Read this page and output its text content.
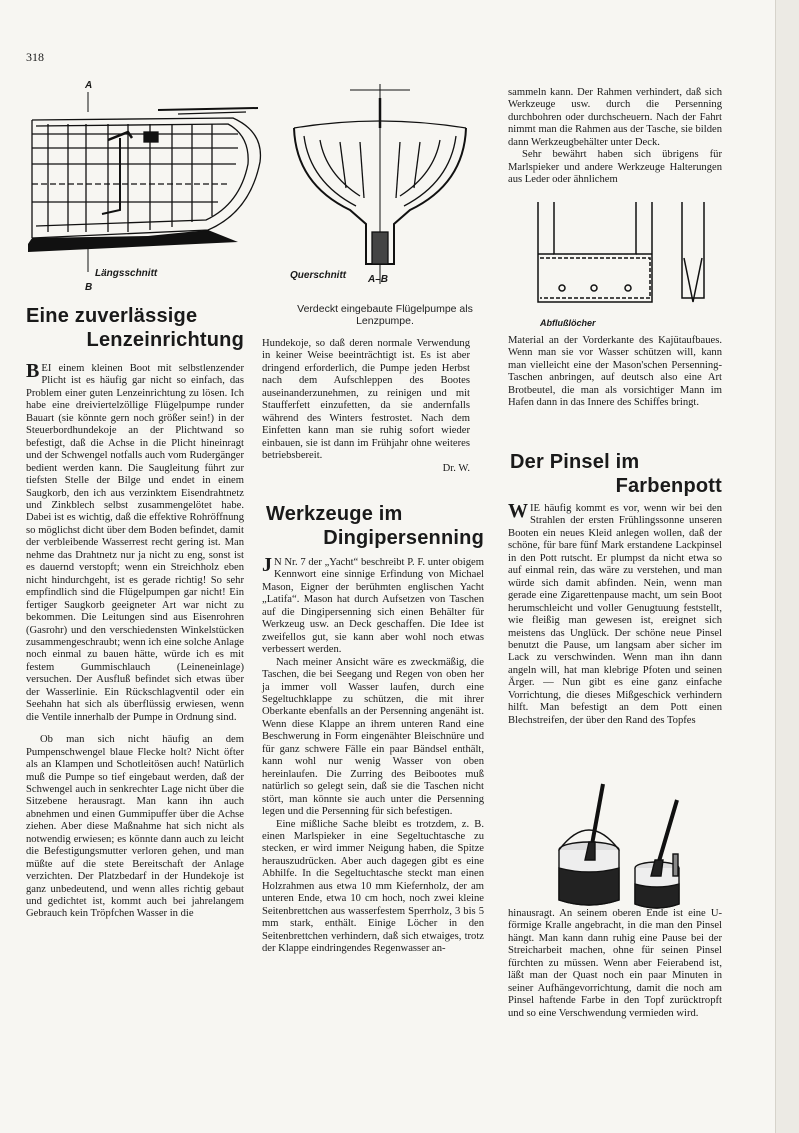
318
A
Längsschnitt
B
Querschnitt A–B
Verdeckt eingebaute Flügelpumpe als Lenzpumpe.	Abflußlöcher
Eine zuverlässige
Lenzeinrichtung

BEI einem kleinen Boot mit selbstlenzender Plicht ist es häufig gar nicht so einfach, das Problem einer guten Lenzeinrichtung zu lösen. Ich habe eine dreiviertelzöllige Flügelpumpe runder Bauart (sie könnte gern noch größer sein!) in der Steuerbordhundekoje an der Plichtwand so befestigt, daß die Achse in die Plicht hineinragt und der Schwengel notfalls auch vom Rudergänger bedient werden kann. Die Saugleitung führt zur tiefsten Stelle der Bilge und endet in einem Saugkorb, den ich aus verzinktem Eisendrahtnetz und Zinkblech selbst zusammengelötet habe. Dabei ist es wichtig, daß die effektive Rohröffnung so möglichst dicht über dem Boden befindet, damit der verbleibende Wasserrest recht gering ist. Man nehme das Drahtnetz nur ja nicht zu eng, sonst ist es dauernd verstopft; wenn ein Streichholz eben nicht hindurchgeht, ist es gerade richtig! So sehr empfindlich sind die Flügelpumpen gar nicht! Ein fertiger Saugkorb geeigneter Art war nicht zu bekommen. Die Leitungen sind aus Eisenrohren (Gasrohr) und den verschiedensten Winkelstücken zusammengeschraubt; wenn ich eine solche Anlage noch einmal zu bauen hätte, würde ich es mit festem Gummischlauch (Leineneinlage) versuchen. Der Ausfluß befindet sich etwas über der Wasserlinie. Ein Rückschlagventil oder ein Seehahn hat sich als überflüssig erwiesen, wenn die Ventile innerhalb der Pumpe in Ordnung sind.

Ob man sich nicht häufig an dem Pumpenschwengel blaue Flecke holt? Nicht öfter als an Klampen und Schotleitösen auch! Natürlich muß die Pumpe so tief eingebaut werden, daß der Schwengel auch in senkrechter Lage nicht über die Sitzebene herausragt. Man kann ihn auch abnehmen und einen Gummipuffer über die Achse ziehen. Aber diese Maßnahme hat sich nicht als notwendig erwiesen; es könnte dann auch zu leicht die Befestigungsmutter verloren gehen, und man müßte auf die stete Bereitschaft der Anlage verzichten. Der Platzbedarf in der Hundekoje ist ganz unbedeutend, und wenn alles richtig gebaut und gedichtet ist, kommt auch bei jahrelangem Gebrauch kein Tröpfchen Wasser in die

Hundekoje, so daß deren normale Verwendung in keiner Weise beeinträchtigt ist. Es ist aber dringend erforderlich, die Pumpe jeden Herbst nach dem Aufschleppen des Bootes auseinanderzunehmen, zu reinigen und mit Staufferfett einzufetten, da sie andernfalls während des Winters festrostet. Nach dem Einfetten kann man sie ruhig sofort wieder einbauen, sie ist dann im Frühjahr ohne weiteres betriebsbereit.

Dr. W.

Werkzeuge im
Dingipersenning

J N Nr. 7 der „Yacht“ beschreibt P. F. unter obigem Kennwort eine sinnige Erfindung von Michael Mason, Eigner der berühmten englischen Yacht „Latifa“. Mason hat durch Aufsetzen von Taschen auf die Dingipersenning sich einen Behälter für Werkzeug usw. an Deck geschaffen. Die Idee ist zweifellos gut, sie kann aber wohl noch etwas verbessert werden.

Nach meiner Ansicht wäre es zweckmäßig, die Taschen, die bei Seegang und Regen von oben her ja immer voll Wasser laufen, durch eine Segeltuchklappe zu schützen, die mit ihrer Oberkante ebenfalls an der Persenning angenäht ist. Wenn diese Klappe an ihrem unteren Rand eine Beschwerung in Form eingenähter Bleischnüre und für ganz schwere Fälle ein paar Bändsel enthält, kann wohl nur wenig Wasser von oben hereinlaufen. Die Zurring des Beibootes muß natürlich so gelegt sein, daß sie die Taschen nicht stört, man könnte sie auch unter die Persenning legen und die Persenning für sich befestigen.

Eine mißliche Sache bleibt es trotzdem, z. B. einen Marlspieker in eine Segeltuchtasche zu stecken, er wird immer Neigung haben, die Spitze herauszudrücken. Aber auch dagegen gibt es eine Abhilfe. In die Segeltuchtasche steckt man einen Holzrahmen aus etwa 10 mm Kiefernholz, der am unteren Ende, etwa 10 cm hoch, noch zwei kleine Seitenbrettchen aus wasserfestem Sperrholz, 3 bis 5 mm stark, enthält. Einige Löcher in den Seitenbrettchen verhindern, daß sich etwaiges, trotz der Klappe eindringendes Regenwasser an-

sammeln kann. Der Rahmen verhindert, daß sich Werkzeuge usw. durch die Persenning durchbohren oder durchscheuern. Nach der Fahrt nimmt man die Rahmen aus der Tasche, sie bilden dann Werkzeugbehälter unter Deck.

Sehr bewährt haben sich übrigens für Marlspieker und andere Werkzeuge Halterungen aus Leder oder ähnlichem

Material an der Vorderkante des Kajütaufbaues. Wenn man sie vor Wasser schützen will, kann man vielleicht eine der Mason'schen Persenning-Taschen anbringen, auf deutsch also eine Art Brotbeutel, die man als vorsichtiger Mann im Hafen dann in das Innere des Schiffes bringt.

Der Pinsel im
Farbenpott

WIE häufig kommt es vor, wenn wir bei den Strahlen der ersten Frühlingssonne unseren Booten ein neues Kleid anlegen wollen, daß der schöne, für bare fünf Mark erstandene Lackpinsel in den Pott rutscht. Er plumpst da nicht etwa so auf einmal rein, das wäre zu verstehen, und man würde sich damit abfinden. Nein, wenn man gerade eine Zigarettenpause macht, um sein Boot herumschleicht und voller Genugtuung feststellt, wie fleißig man gewesen ist, ereignet sich meistens das Unglück. Der schöne neue Pinsel benutzt die Pause, um langsam aber sicher im Lack zu verschwinden. Wenn man ihn dann angeln will, hat man klebrige Pfoten und seinen Ärger. — Nun gibt es eine ganz einfache Vorrichtung, die dieses Mißgeschick verhindern hilft. Man befestigt an dem Pott einen Blechstreifen, der über den Rand des Topfes

hinausragt. An seinem oberen Ende ist eine U-förmige Kralle angebracht, in die man den Pinsel hängt. Man kann dann ruhig eine Pause bei der Streicharbeit machen, ohne für seinen Pinsel fürchten zu müssen. Wenn aber Feierabend ist, läßt man der Quast noch ein paar Minuten in seiner Aufhängevorrichtung, damit die noch am Pinsel haftende Farbe in den Topf zurücktropft und so eine Verschwendung vermieden wird.
